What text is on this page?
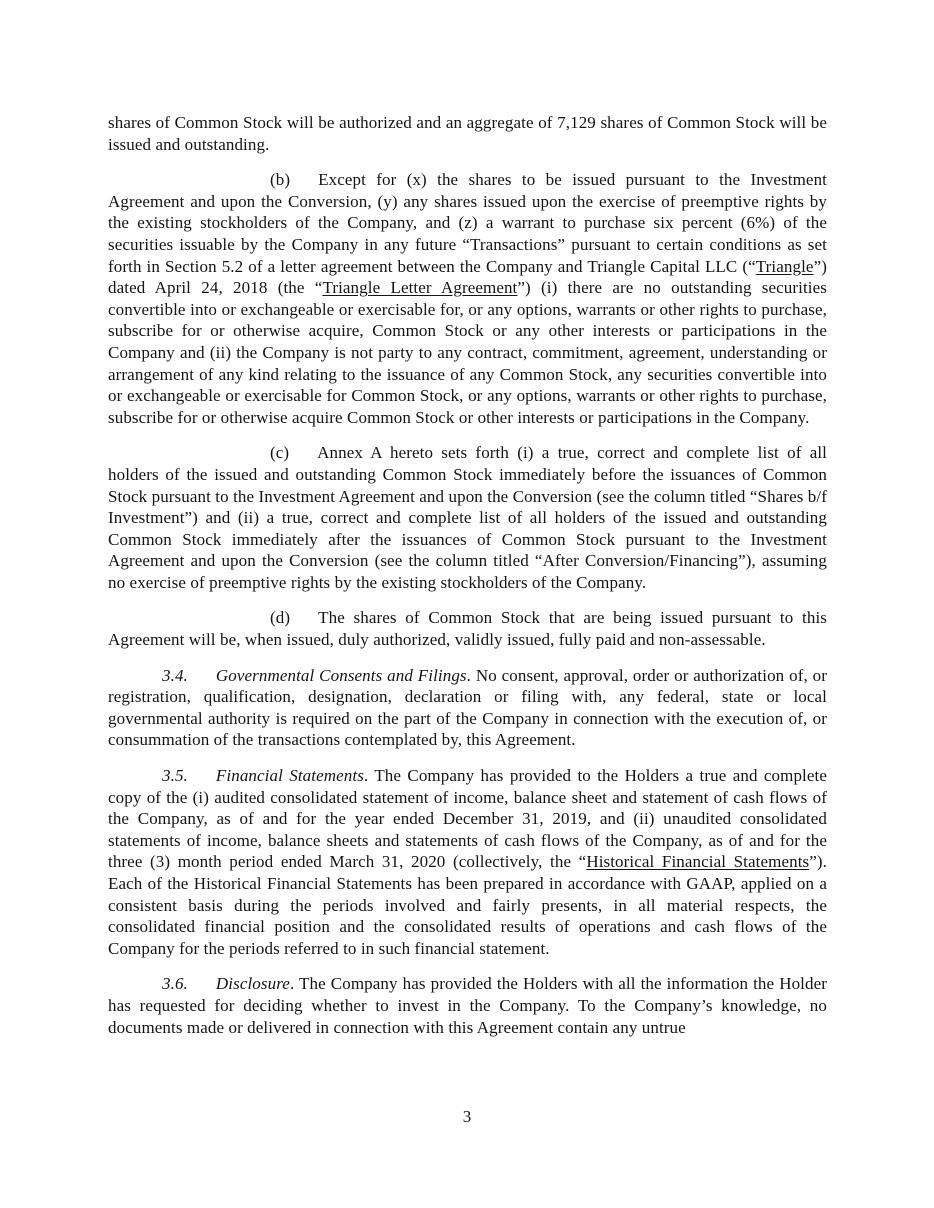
shares of Common Stock will be authorized and an aggregate of 7,129 shares of Common Stock will be issued and outstanding.

(b) Except for (x) the shares to be issued pursuant to the Investment Agreement and upon the Conversion, (y) any shares issued upon the exercise of preemptive rights by the existing stockholders of the Company, and (z) a warrant to purchase six percent (6%) of the securities issuable by the Company in any future “Transactions” pursuant to certain conditions as set forth in Section 5.2 of a letter agreement between the Company and Triangle Capital LLC (“Triangle”) dated April 24, 2018 (the “Triangle Letter Agreement”) (i) there are no outstanding securities convertible into or exchangeable or exercisable for, or any options, warrants or other rights to purchase, subscribe for or otherwise acquire, Common Stock or any other interests or participations in the Company and (ii) the Company is not party to any contract, commitment, agreement, understanding or arrangement of any kind relating to the issuance of any Common Stock, any securities convertible into or exchangeable or exercisable for Common Stock, or any options, warrants or other rights to purchase, subscribe for or otherwise acquire Common Stock or other interests or participations in the Company.

(c) Annex A hereto sets forth (i) a true, correct and complete list of all holders of the issued and outstanding Common Stock immediately before the issuances of Common Stock pursuant to the Investment Agreement and upon the Conversion (see the column titled “Shares b/f Investment”) and (ii) a true, correct and complete list of all holders of the issued and outstanding Common Stock immediately after the issuances of Common Stock pursuant to the Investment Agreement and upon the Conversion (see the column titled “After Conversion/Financing”), assuming no exercise of preemptive rights by the existing stockholders of the Company.

(d) The shares of Common Stock that are being issued pursuant to this Agreement will be, when issued, duly authorized, validly issued, fully paid and non-assessable.

3.4. Governmental Consents and Filings. No consent, approval, order or authorization of, or registration, qualification, designation, declaration or filing with, any federal, state or local governmental authority is required on the part of the Company in connection with the execution of, or consummation of the transactions contemplated by, this Agreement.

3.5. Financial Statements. The Company has provided to the Holders a true and complete copy of the (i) audited consolidated statement of income, balance sheet and statement of cash flows of the Company, as of and for the year ended December 31, 2019, and (ii) unaudited consolidated statements of income, balance sheets and statements of cash flows of the Company, as of and for the three (3) month period ended March 31, 2020 (collectively, the “Historical Financial Statements”). Each of the Historical Financial Statements has been prepared in accordance with GAAP, applied on a consistent basis during the periods involved and fairly presents, in all material respects, the consolidated financial position and the consolidated results of operations and cash flows of the Company for the periods referred to in such financial statement.

3.6. Disclosure. The Company has provided the Holders with all the information the Holder has requested for deciding whether to invest in the Company. To the Company’s knowledge, no documents made or delivered in connection with this Agreement contain any untrue

3
